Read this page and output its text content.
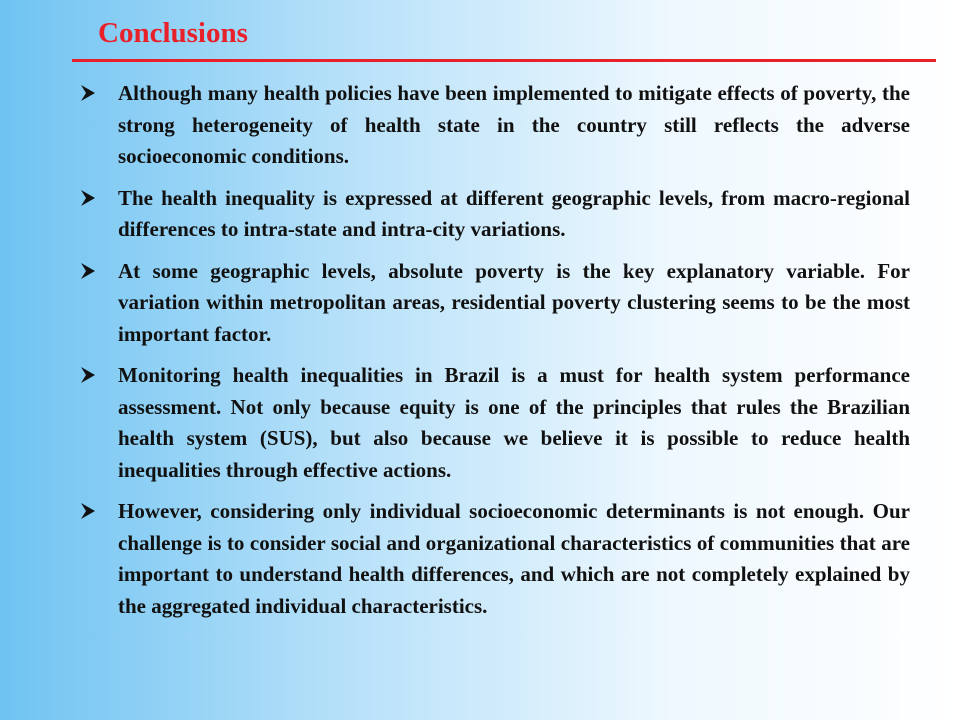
Conclusions

Although many health policies have been implemented to mitigate effects of poverty, the strong heterogeneity of health state in the country still reflects the adverse socioeconomic conditions.

The health inequality is expressed at different geographic levels, from macro-regional differences to intra-state and intra-city variations.

At some geographic levels, absolute poverty is the key explanatory variable. For variation within metropolitan areas, residential poverty clustering seems to be the most important factor.

Monitoring health inequalities in Brazil is a must for health system performance assessment. Not only because equity is one of the principles that rules the Brazilian health system (SUS), but also because we believe it is possible to reduce health inequalities through effective actions.

However, considering only individual socioeconomic determinants is not enough. Our challenge is to consider social and organizational characteristics of communities that are important to understand health differences, and which are not completely explained by the aggregated individual characteristics.
